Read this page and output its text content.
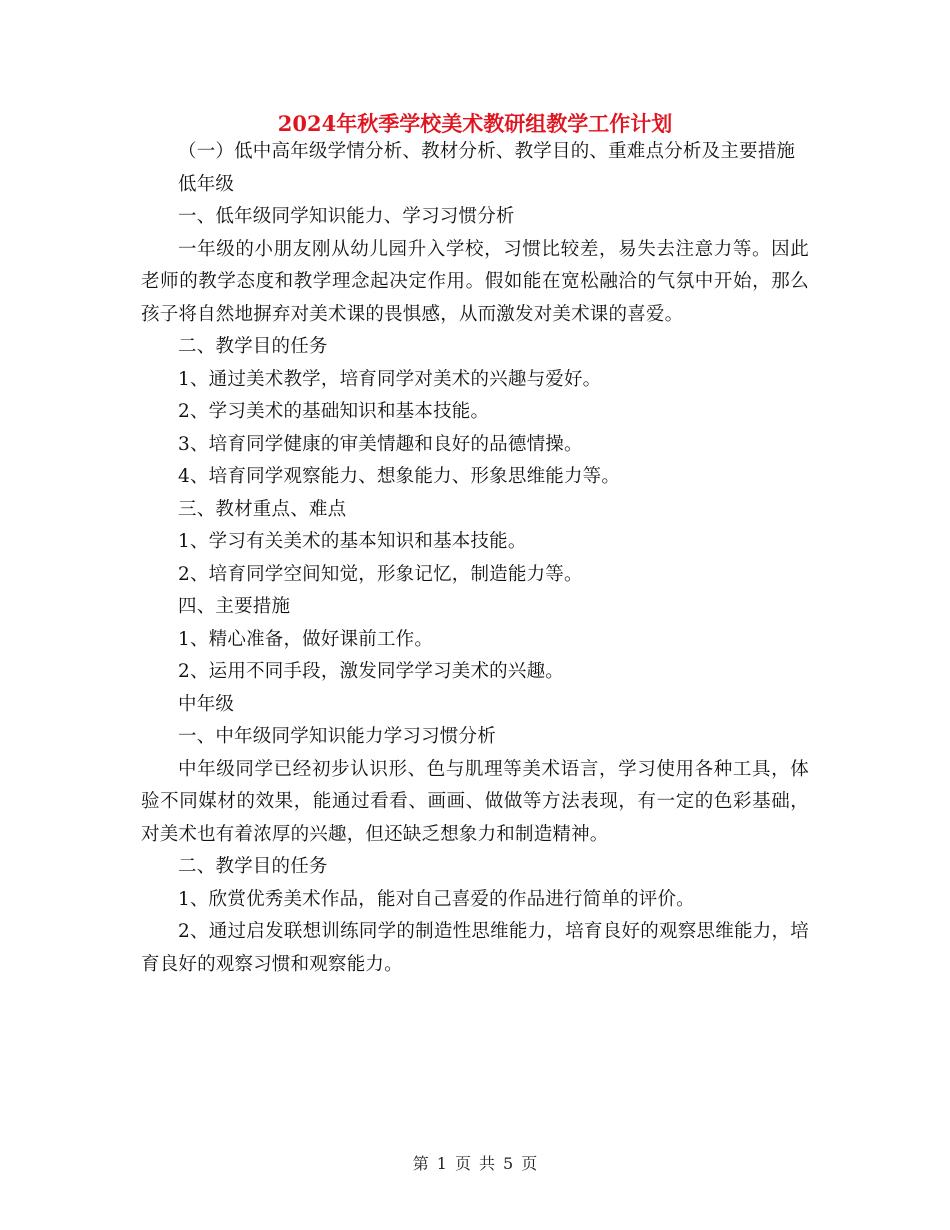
2024年秋季学校美术教研组教学工作计划

（一）低中高年级学情分析、教材分析、教学目的、重难点分析及主要措施

低年级

一、低年级同学知识能力、学习习惯分析

一年级的小朋友刚从幼儿园升入学校，习惯比较差，易失去注意力等。因此老师的教学态度和教学理念起决定作用。假如能在宽松融洽的气氛中开始，那么孩子将自然地摒弃对美术课的畏惧感，从而激发对美术课的喜爱。

二、教学目的任务

1、通过美术教学，培育同学对美术的兴趣与爱好。

2、学习美术的基础知识和基本技能。

3、培育同学健康的审美情趣和良好的品德情操。

4、培育同学观察能力、想象能力、形象思维能力等。

三、教材重点、难点

1、学习有关美术的基本知识和基本技能。

2、培育同学空间知觉，形象记忆，制造能力等。

四、主要措施

1、精心准备，做好课前工作。

2、运用不同手段，激发同学学习美术的兴趣。

中年级

一、中年级同学知识能力学习习惯分析

中年级同学已经初步认识形、色与肌理等美术语言，学习使用各种工具，体验不同媒材的效果，能通过看看、画画、做做等方法表现，有一定的色彩基础，对美术也有着浓厚的兴趣，但还缺乏想象力和制造精神。

二、教学目的任务

1、欣赏优秀美术作品，能对自己喜爱的作品进行简单的评价。

2、通过启发联想训练同学的制造性思维能力，培育良好的观察思维能力，培育良好的观察习惯和观察能力。

第 1 页 共 5 页
